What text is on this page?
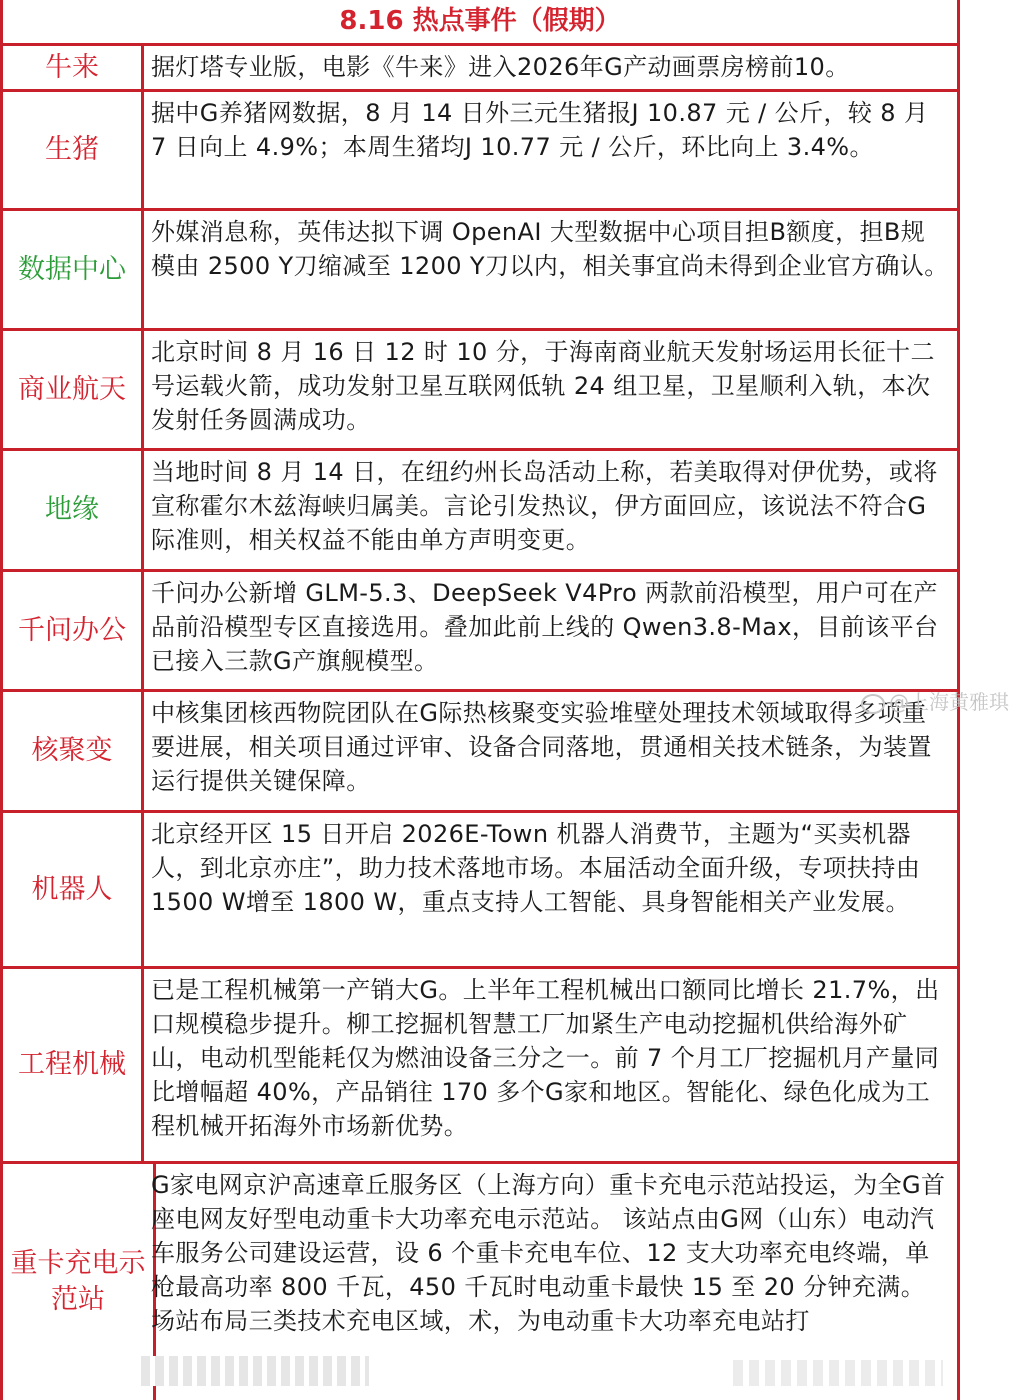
8.16 热点事件（假期）
牛来	据灯塔专业版，电影《牛来》进入2026年G产动画票房榜前10。
生猪
据中G养猪网数据，8 月 14 日外三元生猪报J 10.87 元 / 公斤，较 8 月 7 日向上 4.9%；本周生猪均J 10.77 元 / 公斤，环比向上 3.4%。
数据中心
外媒消息称，英伟达拟下调 OpenAI 大型数据中心项目担B额度，担B规模由 2500 Y刀缩减至 1200 Y刀以内，相关事宜尚未得到企业官方确认。
商业航天
北京时间 8 月 16 日 12 时 10 分，于海南商业航天发射场运用长征十二号运载火箭，成功发射卫星互联网低轨 24 组卫星，卫星顺利入轨，本次发射任务圆满成功。
地缘
当地时间 8 月 14 日，在纽约州长岛活动上称，若美取得对伊优势，或将宣称霍尔木兹海峡归属美。言论引发热议，伊方面回应，该说法不符合G际准则，相关权益不能由单方声明变更。
千问办公
千问办公新增 GLM-5.3、DeepSeek V4Pro 两款前沿模型，用户可在产品前沿模型专区直接选用。叠加此前上线的 Qwen3.8-Max，目前该平台已接入三款G产旗舰模型。
核聚变
中核集团核西物院团队在G际热核聚变实验堆壁处理技术领域取得多项重要进展，相关项目通过评审、设备合同落地，贯通相关技术链条，为装置运行提供关键保障。
机器人
北京经开区 15 日开启 2026E-Town 机器人消费节，主题为“买卖机器人，到北京亦庄”，助力技术落地市场。本届活动全面升级，专项扶持由 1500 W增至 1800 W，重点支持人工智能、具身智能相关产业发展。
工程机械
已是工程机械第一产销大G。上半年工程机械出口额同比增长 21.7%，出口规模稳步提升。柳工挖掘机智慧工厂加紧生产电动挖掘机供给海外矿山，电动机型能耗仅为燃油设备三分之一。前 7 个月工厂挖掘机月产量同比增幅超 40%，产品销往 170 多个G家和地区。智能化、绿色化成为工程机械开拓海外市场新优势。
重卡充电示范站
G家电网京沪高速章丘服务区（上海方向）重卡充电示范站投运，为全G首座电网友好型电动重卡大功率充电示范站。 该站点由G网（山东）电动汽车服务公司建设运营，设 6 个重卡充电车位、12 支大功率充电终端，单枪最高功率 800 千瓦，450 千瓦时电动重卡最快 15 至 20 分钟充满。 场站布局三类技术充电区域，术，为电动重卡大功率充电站打
@上海黄雅琪
